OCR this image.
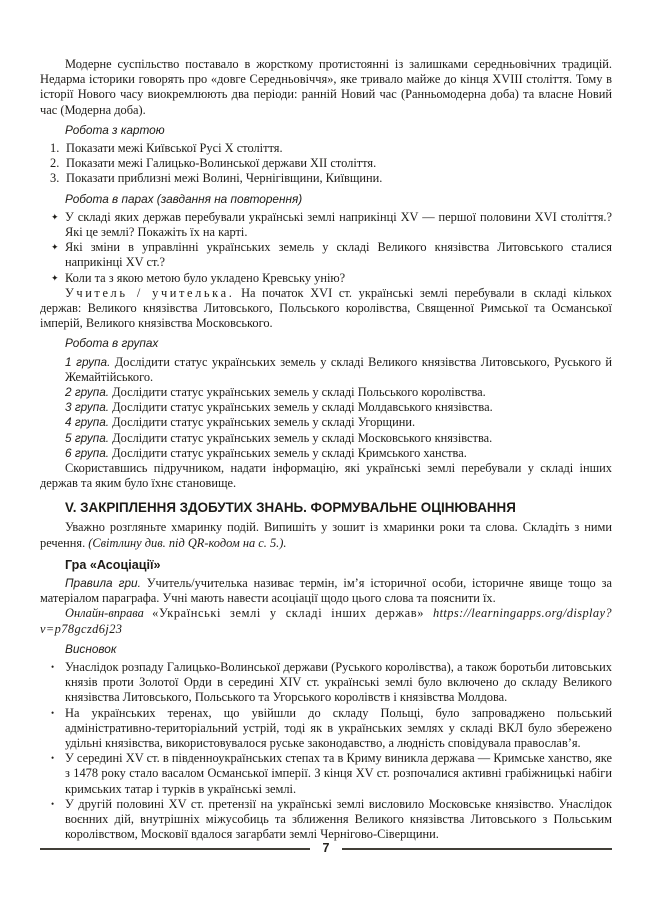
Модерне суспільство поставало в жорсткому протистоянні із залишками середньовічних традицій. Недарма історики говорять про «довге Середньовіччя», яке тривало майже до кінця XVIII століття. Тому в історії Нового часу виокремлюють два періоди: ранній Новий час (Ранньомодерна доба) та власне Новий час (Модерна доба).

Робота з картою

1. Показати межі Київської Русі X століття.
2. Показати межі Галицько-Волинської держави XII століття.
3. Показати приблизні межі Волині, Чернігівщини, Київщини.

Робота в парах (завдання на повторення)

✦ У складі яких держав перебували українські землі наприкінці XV — першої половини XVI століття.? Які це землі? Покажіть їх на карті.
✦ Які зміни в управлінні українських земель у складі Великого князівства Литовського сталися наприкінці XV ст.?
✦ Коли та з якою метою було укладено Кревську унію?

Учитель / учителька. На початок XVI ст. українські землі перебували в складі кількох держав: Великого князівства Литовського, Польського королівства, Священної Римської та Османської імперій, Великого князівства Московського.

Робота в групах

1 група. Дослідити статус українських земель у складі Великого князівства Литовського, Руського й Жемайтійського.

2 група. Дослідити статус українських земель у складі Польського королівства.

3 група. Дослідити статус українських земель у складі Молдавського князівства.

4 група. Дослідити статус українських земель у складі Угорщини.

5 група. Дослідити статус українських земель у складі Московського князівства.

6 група. Дослідити статус українських земель у складі Кримського ханства.

Скориставшись підручником, надати інформацію, які українські землі перебували у складі інших держав та яким було їхнє становище.

V. ЗАКРІПЛЕННЯ ЗДОБУТИХ ЗНАНЬ. ФОРМУВАЛЬНЕ ОЦІНЮВАННЯ

Уважно розгляньте хмаринку подій. Випишіть у зошит із хмаринки роки та слова. Складіть з ними речення. (Світлину див. під QR-кодом на с. 5.).

Гра «Асоціації»

Правила гри. Учитель/учителька називає термін, ім’я історичної особи, історичне явище тощо за матеріалом параграфа. Учні мають навести асоціації щодо цього слова та пояснити їх.

Онлайн-вправа «Українські землі у складі інших держав» https://learningapps.org/display?v=p78gczd6j23

Висновок

• Унаслідок розпаду Галицько-Волинської держави (Руського королівства), а також боротьби литовських князів проти Золотої Орди в середині XIV ст. українські землі було включено до складу Великого князівства Литовського, Польського та Угорського королівств і князівства Молдова.
• На українських теренах, що увійшли до складу Польщі, було запроваджено польський адміністративно-територіальний устрій, тоді як в українських землях у складі ВКЛ було збережено удільні князівства, використовувалося руське законодавство, а людність сповідувала православ’я.
• У середині XV ст. в південноукраїнських степах та в Криму виникла держава — Кримське ханство, яке з 1478 року стало васалом Османської імперії. З кінця XV ст. розпочалися активні грабіжницькі набіги кримських татар і турків в українські землі.
• У другій половині XV ст. претензії на українські землі висловило Московське князівство. Унаслідок воєнних дій, внутрішніх міжусобиць та зближення Великого князівства Литовського з Польським королівством, Московії вдалося загарбати землі Чернігово-Сіверщини.
7
